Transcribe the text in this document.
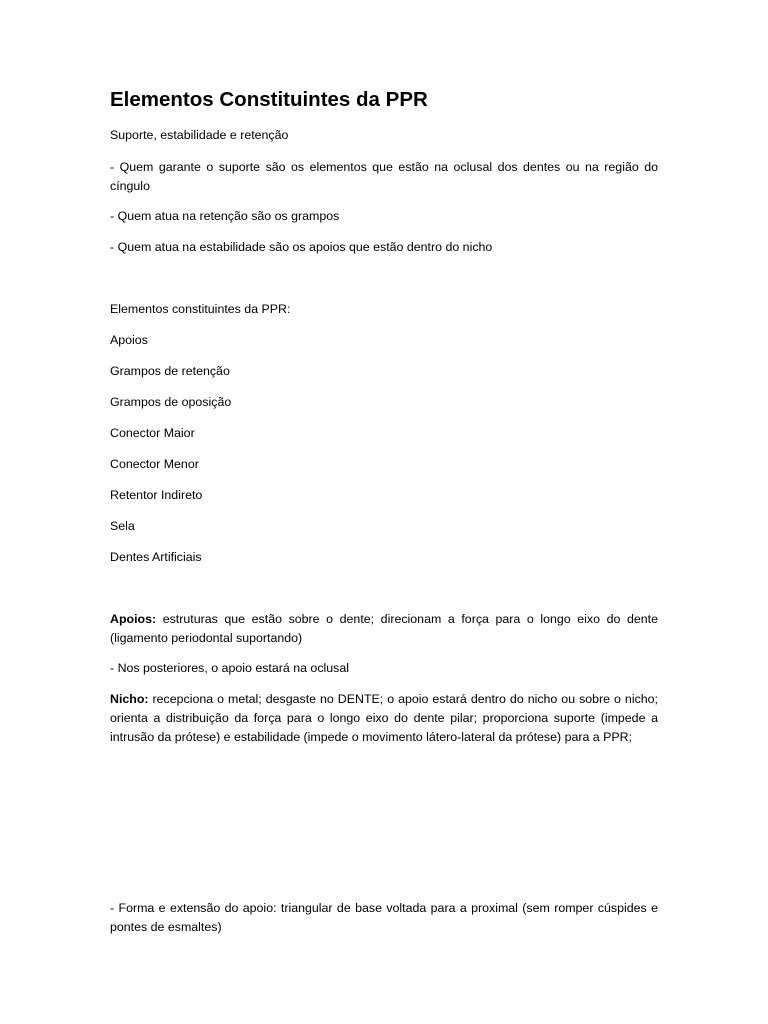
Elementos Constituintes da PPR

Suporte, estabilidade e retenção

- Quem garante o suporte são os elementos que estão na oclusal dos dentes ou na região do cíngulo

- Quem atua na retenção são os grampos

- Quem atua na estabilidade são os apoios que estão dentro do nicho

Elementos constituintes da PPR:

Apoios

Grampos de retenção

Grampos de oposição

Conector Maior

Conector Menor

Retentor Indireto

Sela

Dentes Artificiais

Apoios: estruturas que estão sobre o dente; direcionam a força para o longo eixo do dente (ligamento periodontal suportando)

- Nos posteriores, o apoio estará na oclusal

Nicho: recepciona o metal; desgaste no DENTE; o apoio estará dentro do nicho ou sobre o nicho; orienta a distribuição da força para o longo eixo do dente pilar; proporciona suporte (impede a intrusão da prótese) e estabilidade (impede o movimento látero-lateral da prótese) para a PPR;

- Forma e extensão do apoio: triangular de base voltada para a proximal (sem romper cúspides e pontes de esmaltes)
